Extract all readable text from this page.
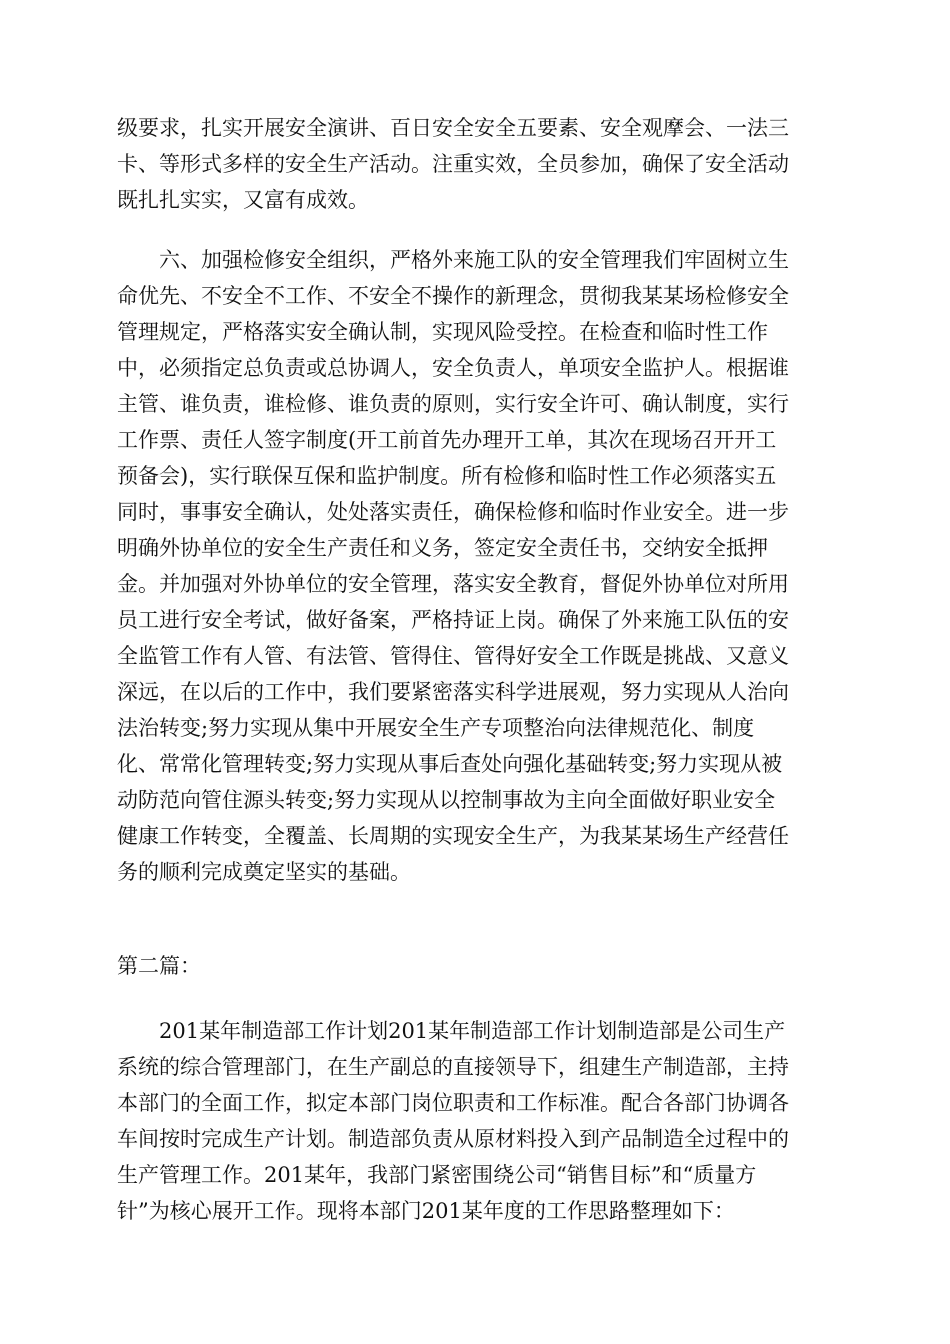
级要求，扎实开展安全演讲、百日安全安全五要素、安全观摩会、一法三
卡、等形式多样的安全生产活动。注重实效，全员参加，确保了安全活动
既扎扎实实，又富有成效。
六、加强检修安全组织，严格外来施工队的安全管理我们牢固树立生
命优先、不安全不工作、不安全不操作的新理念，贯彻我某某场检修安全
管理规定，严格落实安全确认制，实现风险受控。在检查和临时性工作
中，必须指定总负责或总协调人，安全负责人，单项安全监护人。根据谁
主管、谁负责，谁检修、谁负责的原则，实行安全许可、确认制度，实行
工作票、责任人签字制度(开工前首先办理开工单，其次在现场召开开工
预备会)，实行联保互保和监护制度。所有检修和临时性工作必须落实五
同时，事事安全确认，处处落实责任，确保检修和临时作业安全。进一步
明确外协单位的安全生产责任和义务，签定安全责任书，交纳安全抵押
金。并加强对外协单位的安全管理，落实安全教育，督促外协单位对所用
员工进行安全考试，做好备案，严格持证上岗。确保了外来施工队伍的安
全监管工作有人管、有法管、管得住、管得好安全工作既是挑战、又意义
深远，在以后的工作中，我们要紧密落实科学进展观，努力实现从人治向
法治转变;努力实现从集中开展安全生产专项整治向法律规范化、制度
化、常常化管理转变;努力实现从事后查处向强化基础转变;努力实现从被
动防范向管住源头转变;努力实现从以控制事故为主向全面做好职业安全
健康工作转变，全覆盖、长周期的实现安全生产，为我某某场生产经营任
务的顺利完成奠定坚实的基础。
第二篇：
201某年制造部工作计划201某年制造部工作计划制造部是公司生产
系统的综合管理部门，在生产副总的直接领导下，组建生产制造部，主持
本部门的全面工作，拟定本部门岗位职责和工作标准。配合各部门协调各
车间按时完成生产计划。制造部负责从原材料投入到产品制造全过程中的
生产管理工作。201某年，我部门紧密围绕公司“销售目标”和“质量方
针”为核心展开工作。现将本部门201某年度的工作思路整理如下：
